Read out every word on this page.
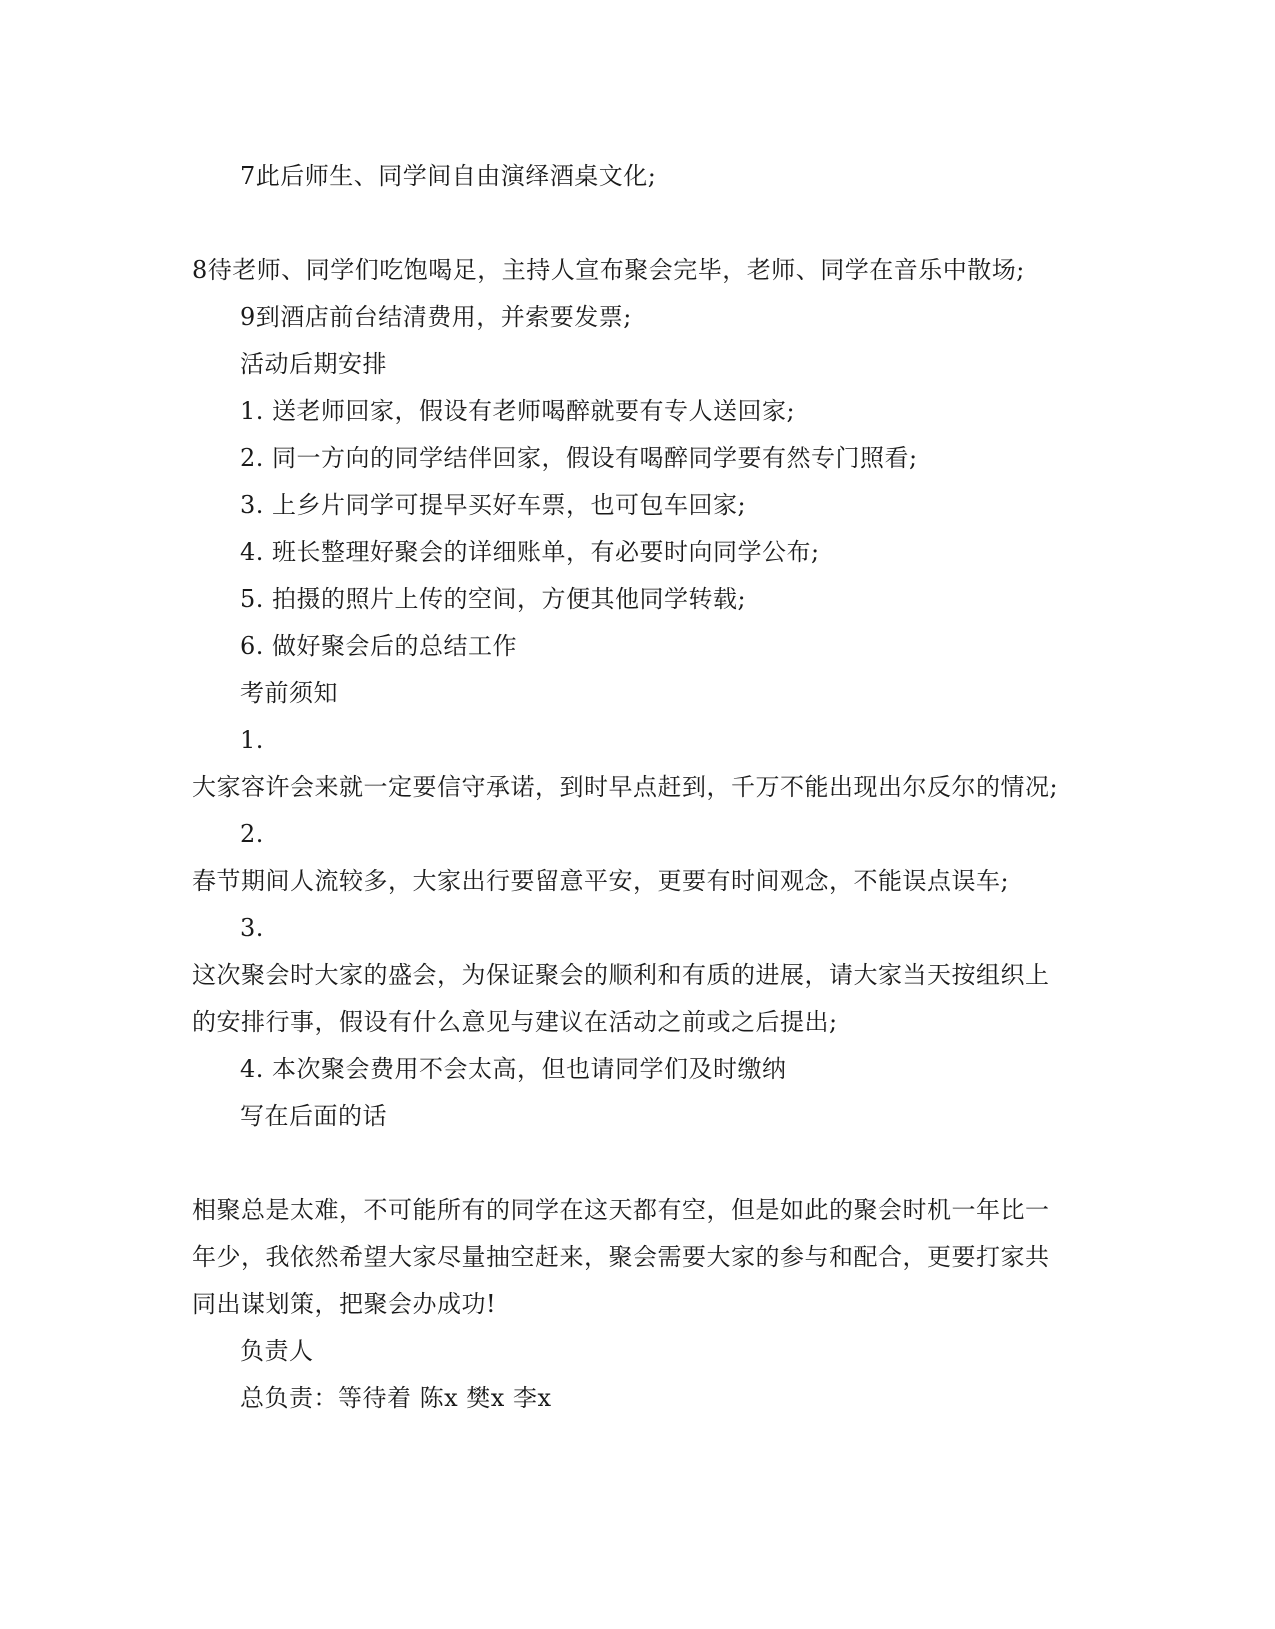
7此后师生、同学间自由演绎酒桌文化;
8待老师、同学们吃饱喝足，主持人宣布聚会完毕，老师、同学在音乐中散场;
9到酒店前台结清费用，并索要发票;
活动后期安排
1. 送老师回家，假设有老师喝醉就要有专人送回家;
2. 同一方向的同学结伴回家，假设有喝醉同学要有然专门照看;
3. 上乡片同学可提早买好车票，也可包车回家;
4. 班长整理好聚会的详细账单，有必要时向同学公布;
5. 拍摄的照片上传的空间，方便其他同学转载;
6. 做好聚会后的总结工作
考前须知
1.
大家容许会来就一定要信守承诺，到时早点赶到，千万不能出现出尔反尔的情况;
2.
春节期间人流较多，大家出行要留意平安，更要有时间观念，不能误点误车;
3.
这次聚会时大家的盛会，为保证聚会的顺利和有质的进展，请大家当天按组织上
的安排行事，假设有什么意见与建议在活动之前或之后提出;
4. 本次聚会费用不会太高，但也请同学们及时缴纳
写在后面的话
相聚总是太难，不可能所有的同学在这天都有空，但是如此的聚会时机一年比一
年少，我依然希望大家尽量抽空赶来，聚会需要大家的参与和配合，更要打家共
同出谋划策，把聚会办成功!
负责人
总负责：等待着 陈x 樊x 李x
